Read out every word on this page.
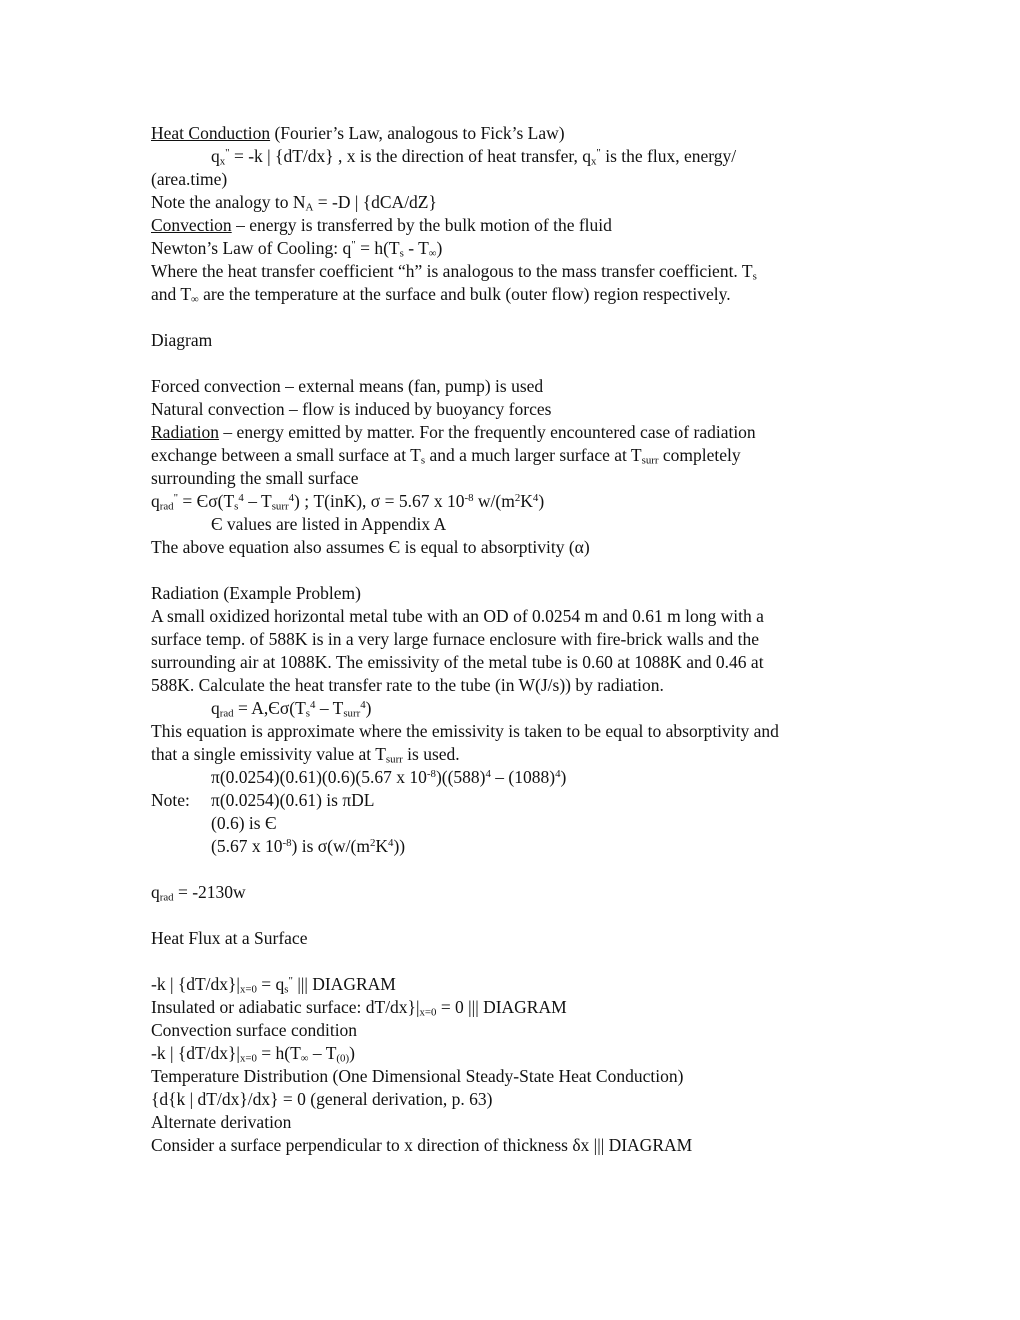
Heat Conduction (Fourier’s Law, analogous to Fick’s Law)
$q_x^" = -k$ | {dT/dx} , x is the direction of heat transfer, $q_x^"$ is the flux, energy/
(area.time)
Note the analogy to $N_A = -D$ | {dCA/dZ}
Convection – energy is transferred by the bulk motion of the fluid
Newton’s Law of Cooling: $q^" = h(T_s - T_\infty)$
Where the heat transfer coefficient “h” is analogous to the mass transfer coefficient. $T_s$
and $T_\infty$ are the temperature at the surface and bulk (outer flow) region respectively.
Diagram
Forced convection – external means (fan, pump) is used
Natural convection – flow is induced by buoyancy forces
Radiation – energy emitted by matter. For the frequently encountered case of radiation
exchange between a small surface at $T_s$ and a much larger surface at $T_{surr}$ completely
surrounding the small surface
$q_{rad}^" = Є\sigma(T_s^4 - T_{surr}^4)$ ; T(inK), σ = 5.67 x $10^{-8}$ $w/(m^2K^4)$
Є values are listed in Appendix A
The above equation also assumes Є is equal to absorptivity (α)
Radiation (Example Problem)
A small oxidized horizontal metal tube with an OD of 0.0254 m and 0.61 m long with a
surface temp. of 588K is in a very large furnace enclosure with fire-brick walls and the
surrounding air at 1088K. The emissivity of the metal tube is 0.60 at 1088K and 0.46 at
588K. Calculate the heat transfer rate to the tube (in W(J/s)) by radiation.
$q_{rad} = A,Є\sigma(T_s^4 - T_{surr}^4)$
This equation is approximate where the emissivity is taken to be equal to absorptivity and
that a single emissivity value at $T_{surr}$ is used.
π(0.0254)(0.61)(0.6)(5.67 x $10^{-8})((588)^4 - (1088)^4)$
Note: π(0.0254)(0.61) is πDL
(0.6) is Є
(5.67 x $10^{-8}$) is $\sigma(w/(m^2K^4))$
$q_{rad} = -2130w$
Heat Flux at a Surface
-k | $\{dT/dx\}|_{x=0} = q_s^"$ ||| DIAGRAM
Insulated or adiabatic surface: $dT/dx\}|_{x=0} = 0$ ||| DIAGRAM
Convection surface condition
-k | $\{dT/dx\}|_{x=0} = h(T_\infty - T_{(0)})$
Temperature Distribution (One Dimensional Steady-State Heat Conduction)
{d{k | dT/dx}/dx} = 0 (general derivation, p. 63)
Alternate derivation
Consider a surface perpendicular to x direction of thickness δx ||| DIAGRAM
